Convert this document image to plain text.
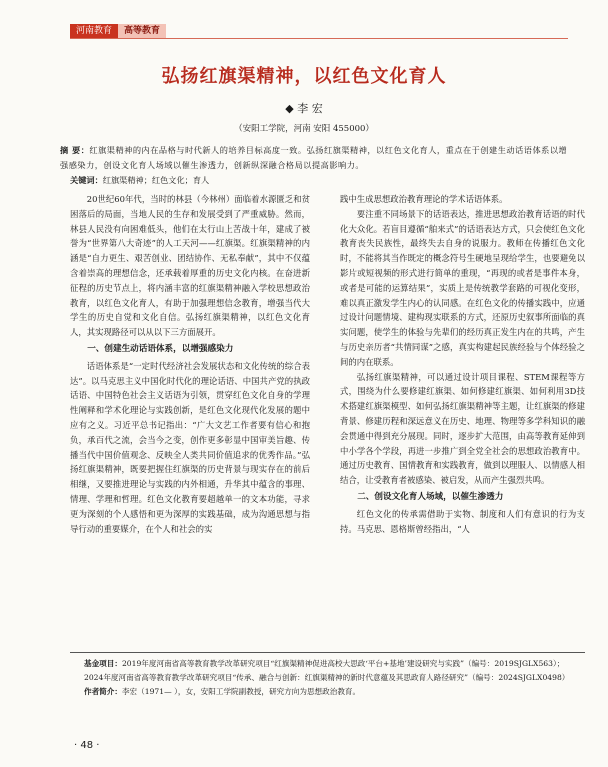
河南教育	高等教育
弘扬红旗渠精神，以红色文化育人
◆ 李 宏
（安阳工学院，河南 安阳 455000）
摘 要：红旗渠精神的内在品格与时代新人的培养目标高度一致。弘扬红旗渠精神，以红色文化育人，重点在于创建生动话语体系以增强感染力，创设文化育人场域以催生渗透力，创新纵深融合格局以提高影响力。
关键词：红旗渠精神；红色文化；育人

20世纪60年代，当时的林县（今林州）面临着水源匮乏和贫困落后的局面，当地人民的生存和发展受到了严重威胁。然而，林县人民没有向困难低头，他们在太行山上苦战十年，建成了被誉为“世界第八大奇迹”的人工天河——红旗渠。红旗渠精神的内涵是“自力更生、艰苦创业、团结协作、无私奉献”，其中不仅蕴含着崇高的理想信念，还承载着厚重的历史文化内核。在奋进新征程的历史节点上，将内涵丰富的红旗渠精神融入学校思想政治教育，以红色文化育人，有助于加强理想信念教育，增强当代大学生的历史自觉和文化自信。弘扬红旗渠精神，以红色文化育人，其实现路径可以从以下三方面展开。

一、创建生动话语体系，以增强感染力

话语体系是“一定时代经济社会发展状态和文化传统的综合表达”。以马克思主义中国化时代化的理论话语、中国共产党的执政话语、中国特色社会主义话语为引领，贯穿红色文化自身的学理性阐释和学术化理论与实践创新，是红色文化现代化发展的题中应有之义。习近平总书记指出：“广大文艺工作者要有信心和抱负，承百代之流，会当今之变，创作更多彰显中国审美旨趣、传播当代中国价值观念、反映全人类共同价值追求的优秀作品。”弘扬红旗渠精神，既要把握住红旗渠的历史背景与现实存在的前后相继，又要推进理论与实践的内外相通，升华其中蕴含的事理、情理、学理和哲理。红色文化教育要超越单一的文本功能，寻求更为深刻的个人感悟和更为深厚的实践基础，成为沟通思想与指导行动的重要媒介，在个人和社会的实

践中生成思想政治教育理论的学术话语体系。

要注重不同场景下的话语表达，推进思想政治教育话语的时代化大众化。若盲目遵循“舶来式”的话语表达方式，只会使红色文化教育丧失民族性，最终失去自身的说服力。教师在传播红色文化时，不能将其当作既定的概念符号生硬地呈现给学生，也要避免以影片或短视频的形式进行简单的重现，“再现的或者是事件本身，或者是可能的运算结果”，实质上是传统教学套路的可视化变形，难以真正激发学生内心的认同感。在红色文化的传播实践中，应通过设计问题情境、建构现实联系的方式，还原历史叙事所面临的真实问题，使学生的体验与先辈们的经历真正发生内在的共鸣，产生与历史亲历者“共情同谋”之感，真实构建起民族经验与个体经验之间的内在联系。

弘扬红旗渠精神，可以通过设计项目课程、STEM课程等方式，围绕为什么要修建红旗渠、如何修建红旗渠、如何利用3D技术搭建红旗渠模型、如何弘扬红旗渠精神等主题，让红旗渠的修建背景、修建历程和深远意义在历史、地理、物理等多学科知识的融会贯通中得到充分展现。同时，逐步扩大范围，由高等教育延伸到中小学各个学段，再进一步推广到全党全社会的思想政治教育中。通过历史教育、国情教育和实践教育，做到以理服人、以情感人相结合，让受教育者被感染、被启发，从而产生强烈共鸣。

二、创设文化育人场域，以催生渗透力

红色文化的传承需借助于实物、制度和人们有意识的行为支持。马克思、恩格斯曾经指出，“人

基金项目：2019年度河南省高等教育教学改革研究项目“红旗渠精神促进高校大思政‘平台+基地’建设研究与实践”（编号：2019SJGLX563）；2024年度河南省高等教育教学改革研究项目“传承、融合与创新：红旗渠精神的新时代意蕴及其思政育人路径研究”（编号：2024SJGLX0498）
作者简介：李宏（1971— ），女，安阳工学院副教授，研究方向为思想政治教育。
· 48 ·
